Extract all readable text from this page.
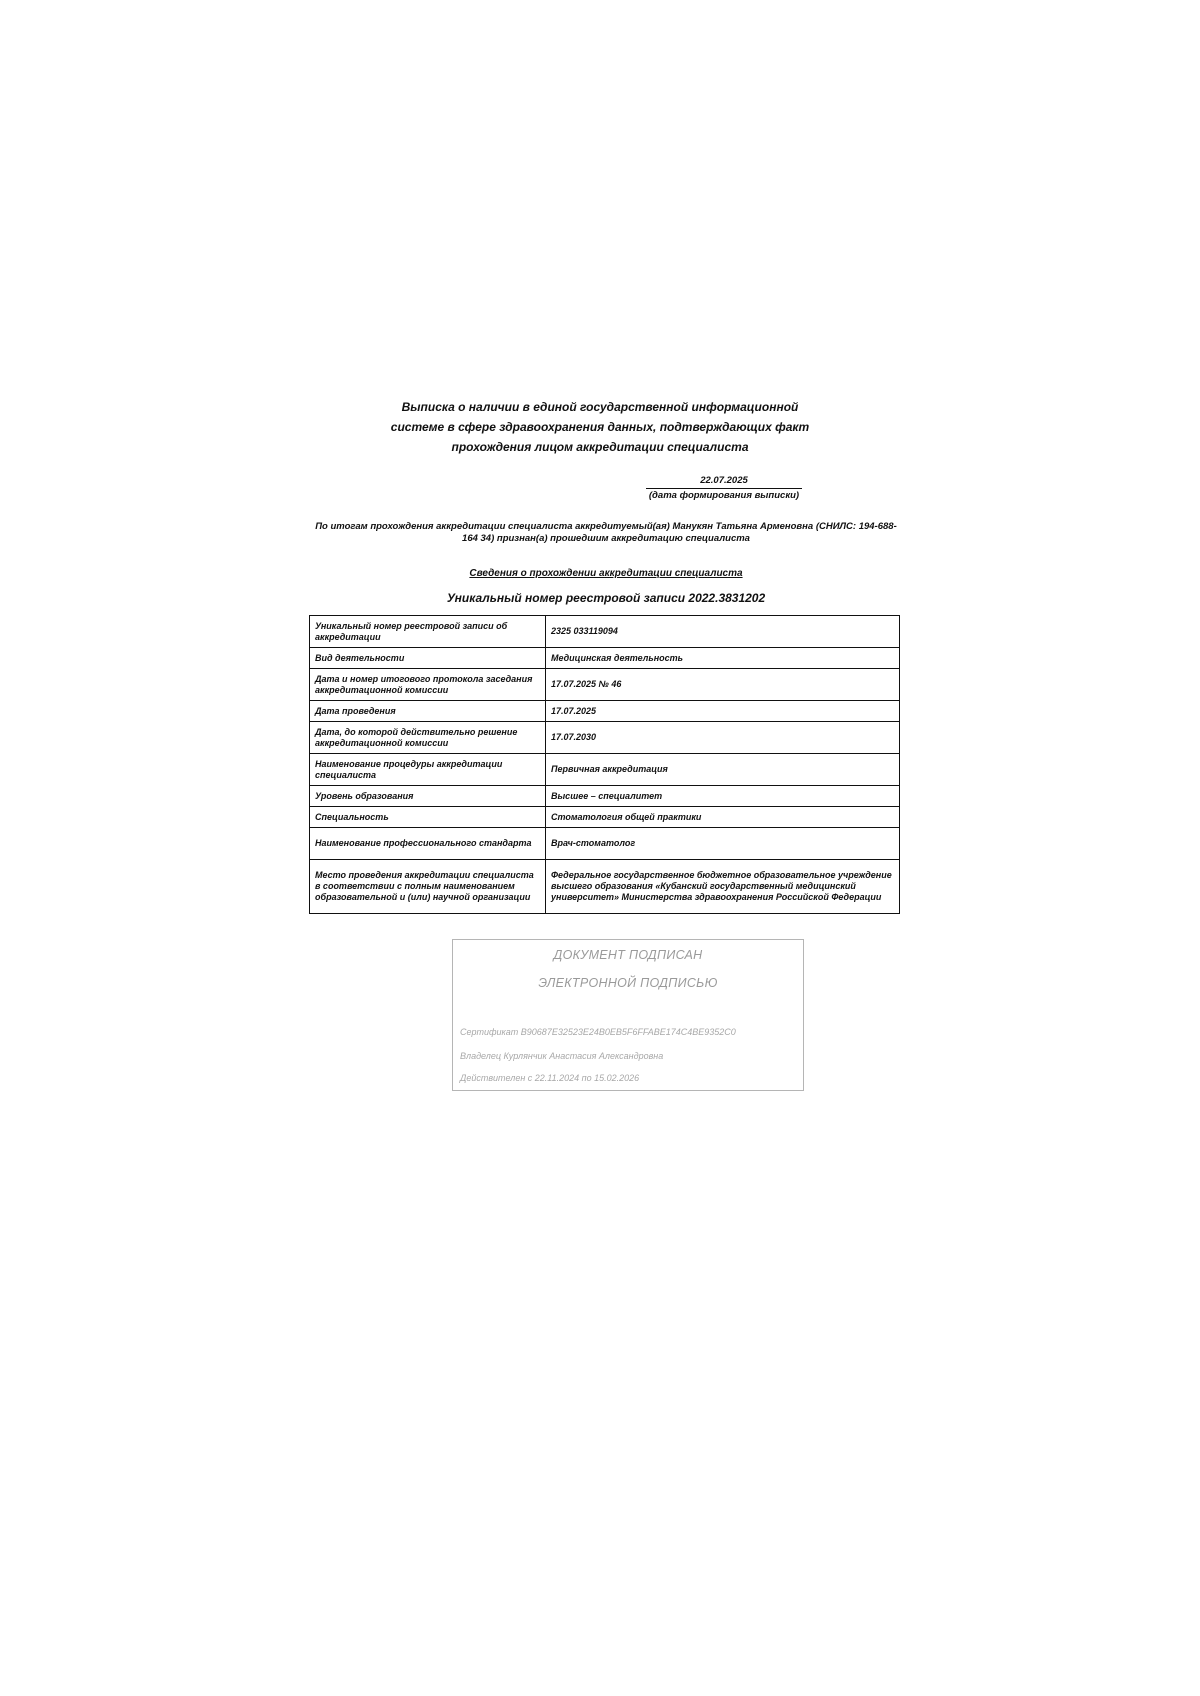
Выписка о наличии в единой государственной информационной
системе в сфере здравоохранения данных, подтверждающих факт
прохождения лицом аккредитации специалиста
22.07.2025
(дата формирования выписки)
По итогам прохождения аккредитации специалиста аккредитуемый(ая) Манукян Татьяна Арменовна (СНИЛС: 194-688-164 34) признан(а) прошедшим аккредитацию специалиста
Сведения о прохождении аккредитации специалиста
Уникальный номер реестровой записи 2022.3831202
Уникальный номер реестровой записи об аккредитации	2325 033119094
Вид деятельности	Медицинская деятельность
Дата и номер итогового протокола заседания аккредитационной комиссии	17.07.2025 № 46
Дата проведения	17.07.2025
Дата, до которой действительно решение аккредитационной комиссии	17.07.2030
Наименование процедуры аккредитации специалиста	Первичная аккредитация
Уровень образования	Высшее – специалитет
Специальность	Стоматология общей практики
Наименование профессионального стандарта	Врач-стоматолог
Место проведения аккредитации специалиста в соответствии с полным наименованием образовательной и (или) научной организации	Федеральное государственное бюджетное образовательное учреждение высшего образования «Кубанский государственный медицинский университет» Министерства здравоохранения Российской Федерации
ДОКУМЕНТ ПОДПИСАН
ЭЛЕКТРОННОЙ ПОДПИСЬЮ
Сертификат B90687E32523E24B0EB5F6FFABE174C4BE9352C0
Владелец Курлянчик Анастасия Александровна
Действителен с 22.11.2024 по 15.02.2026
